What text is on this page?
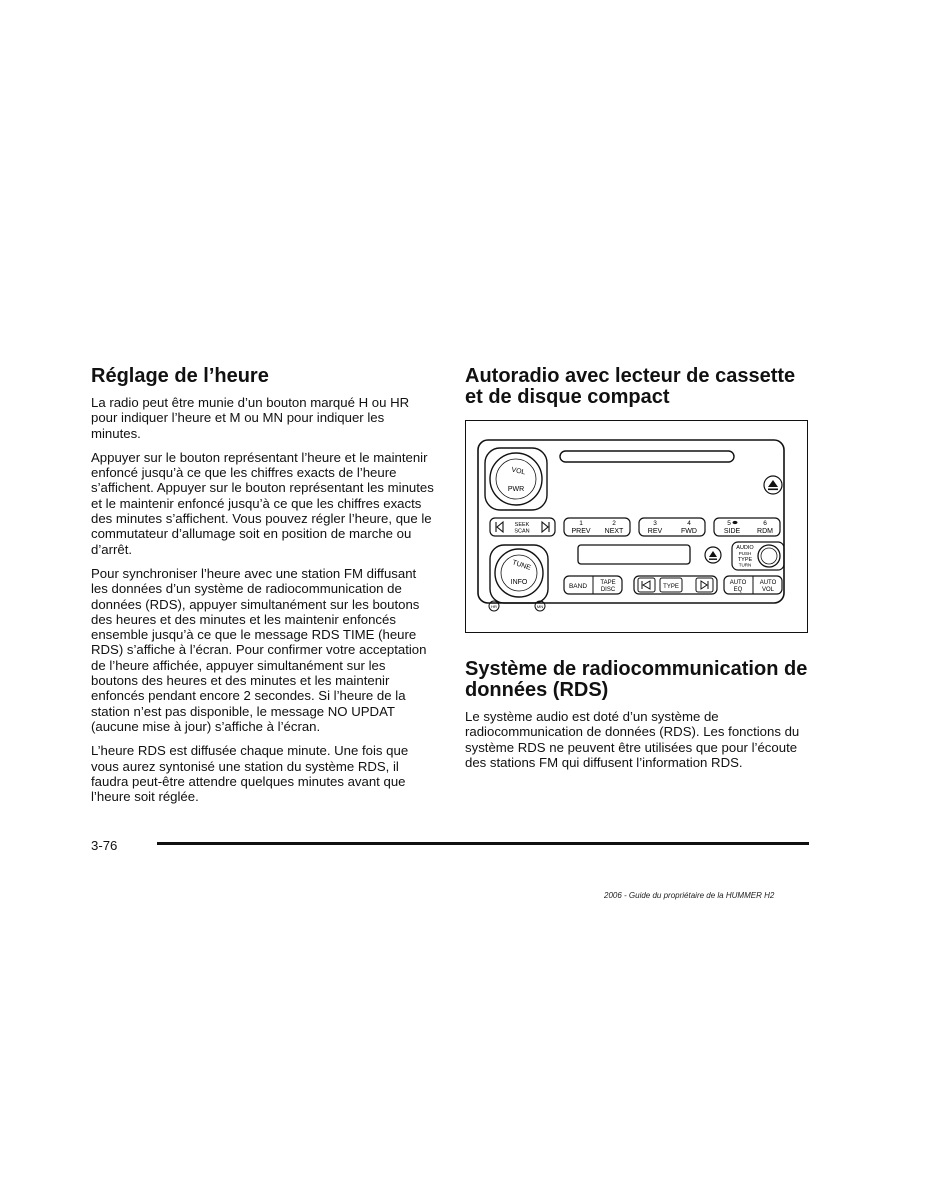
Réglage de l’heure

La radio peut être munie d’un bouton marqué H ou HR pour indiquer l’heure et M ou MN pour indiquer les minutes.

Appuyer sur le bouton représentant l’heure et le maintenir enfoncé jusqu’à ce que les chiffres exacts de l’heure s’affichent. Appuyer sur le bouton représentant les minutes et le maintenir enfoncé jusqu’à ce que les chiffres exacts des minutes s’affichent. Vous pouvez régler l’heure, que le commutateur d’allumage soit en position de marche ou d’arrêt.

Pour synchroniser l’heure avec une station FM diffusant les données d’un système de radiocommunication de données (RDS), appuyer simultanément sur les boutons des heures et des minutes et les maintenir enfoncés ensemble jusqu’à ce que le message RDS TIME (heure RDS) s’affiche à l’écran. Pour confirmer votre acceptation de l’heure affichée, appuyer simultanément sur les boutons des heures et des minutes et les maintenir enfoncés pendant encore 2 secondes. Si l’heure de la station n’est pas disponible, le message NO UPDAT (aucune mise à jour) s’affiche à l’écran.

L’heure RDS est diffusée chaque minute. Une fois que vous aurez syntonisé une station du système RDS, il faudra peut-être attendre quelques minutes avant que l’heure soit réglée.

Autoradio avec lecteur de cassette et de disque compact
VOL
PWR
SEEK
SCAN
1
PREV
2
NEXT
3
REV
4
FWD
5
SIDE
6
RDM
AUDIO
PUSH
TYPE
TURN
TUNE
INFO
HR	MN
BAND TAPE
DISC	TYPE
AUTO
EQ
AUTO
VOL
Système de radiocommunication de données (RDS)

Le système audio est doté d’un système de radiocommunication de données (RDS). Les fonctions du système RDS ne peuvent être utilisées que pour l’écoute des stations FM qui diffusent l’information RDS.

3-76
2006 - Guide du propriétaire de la HUMMER H2
